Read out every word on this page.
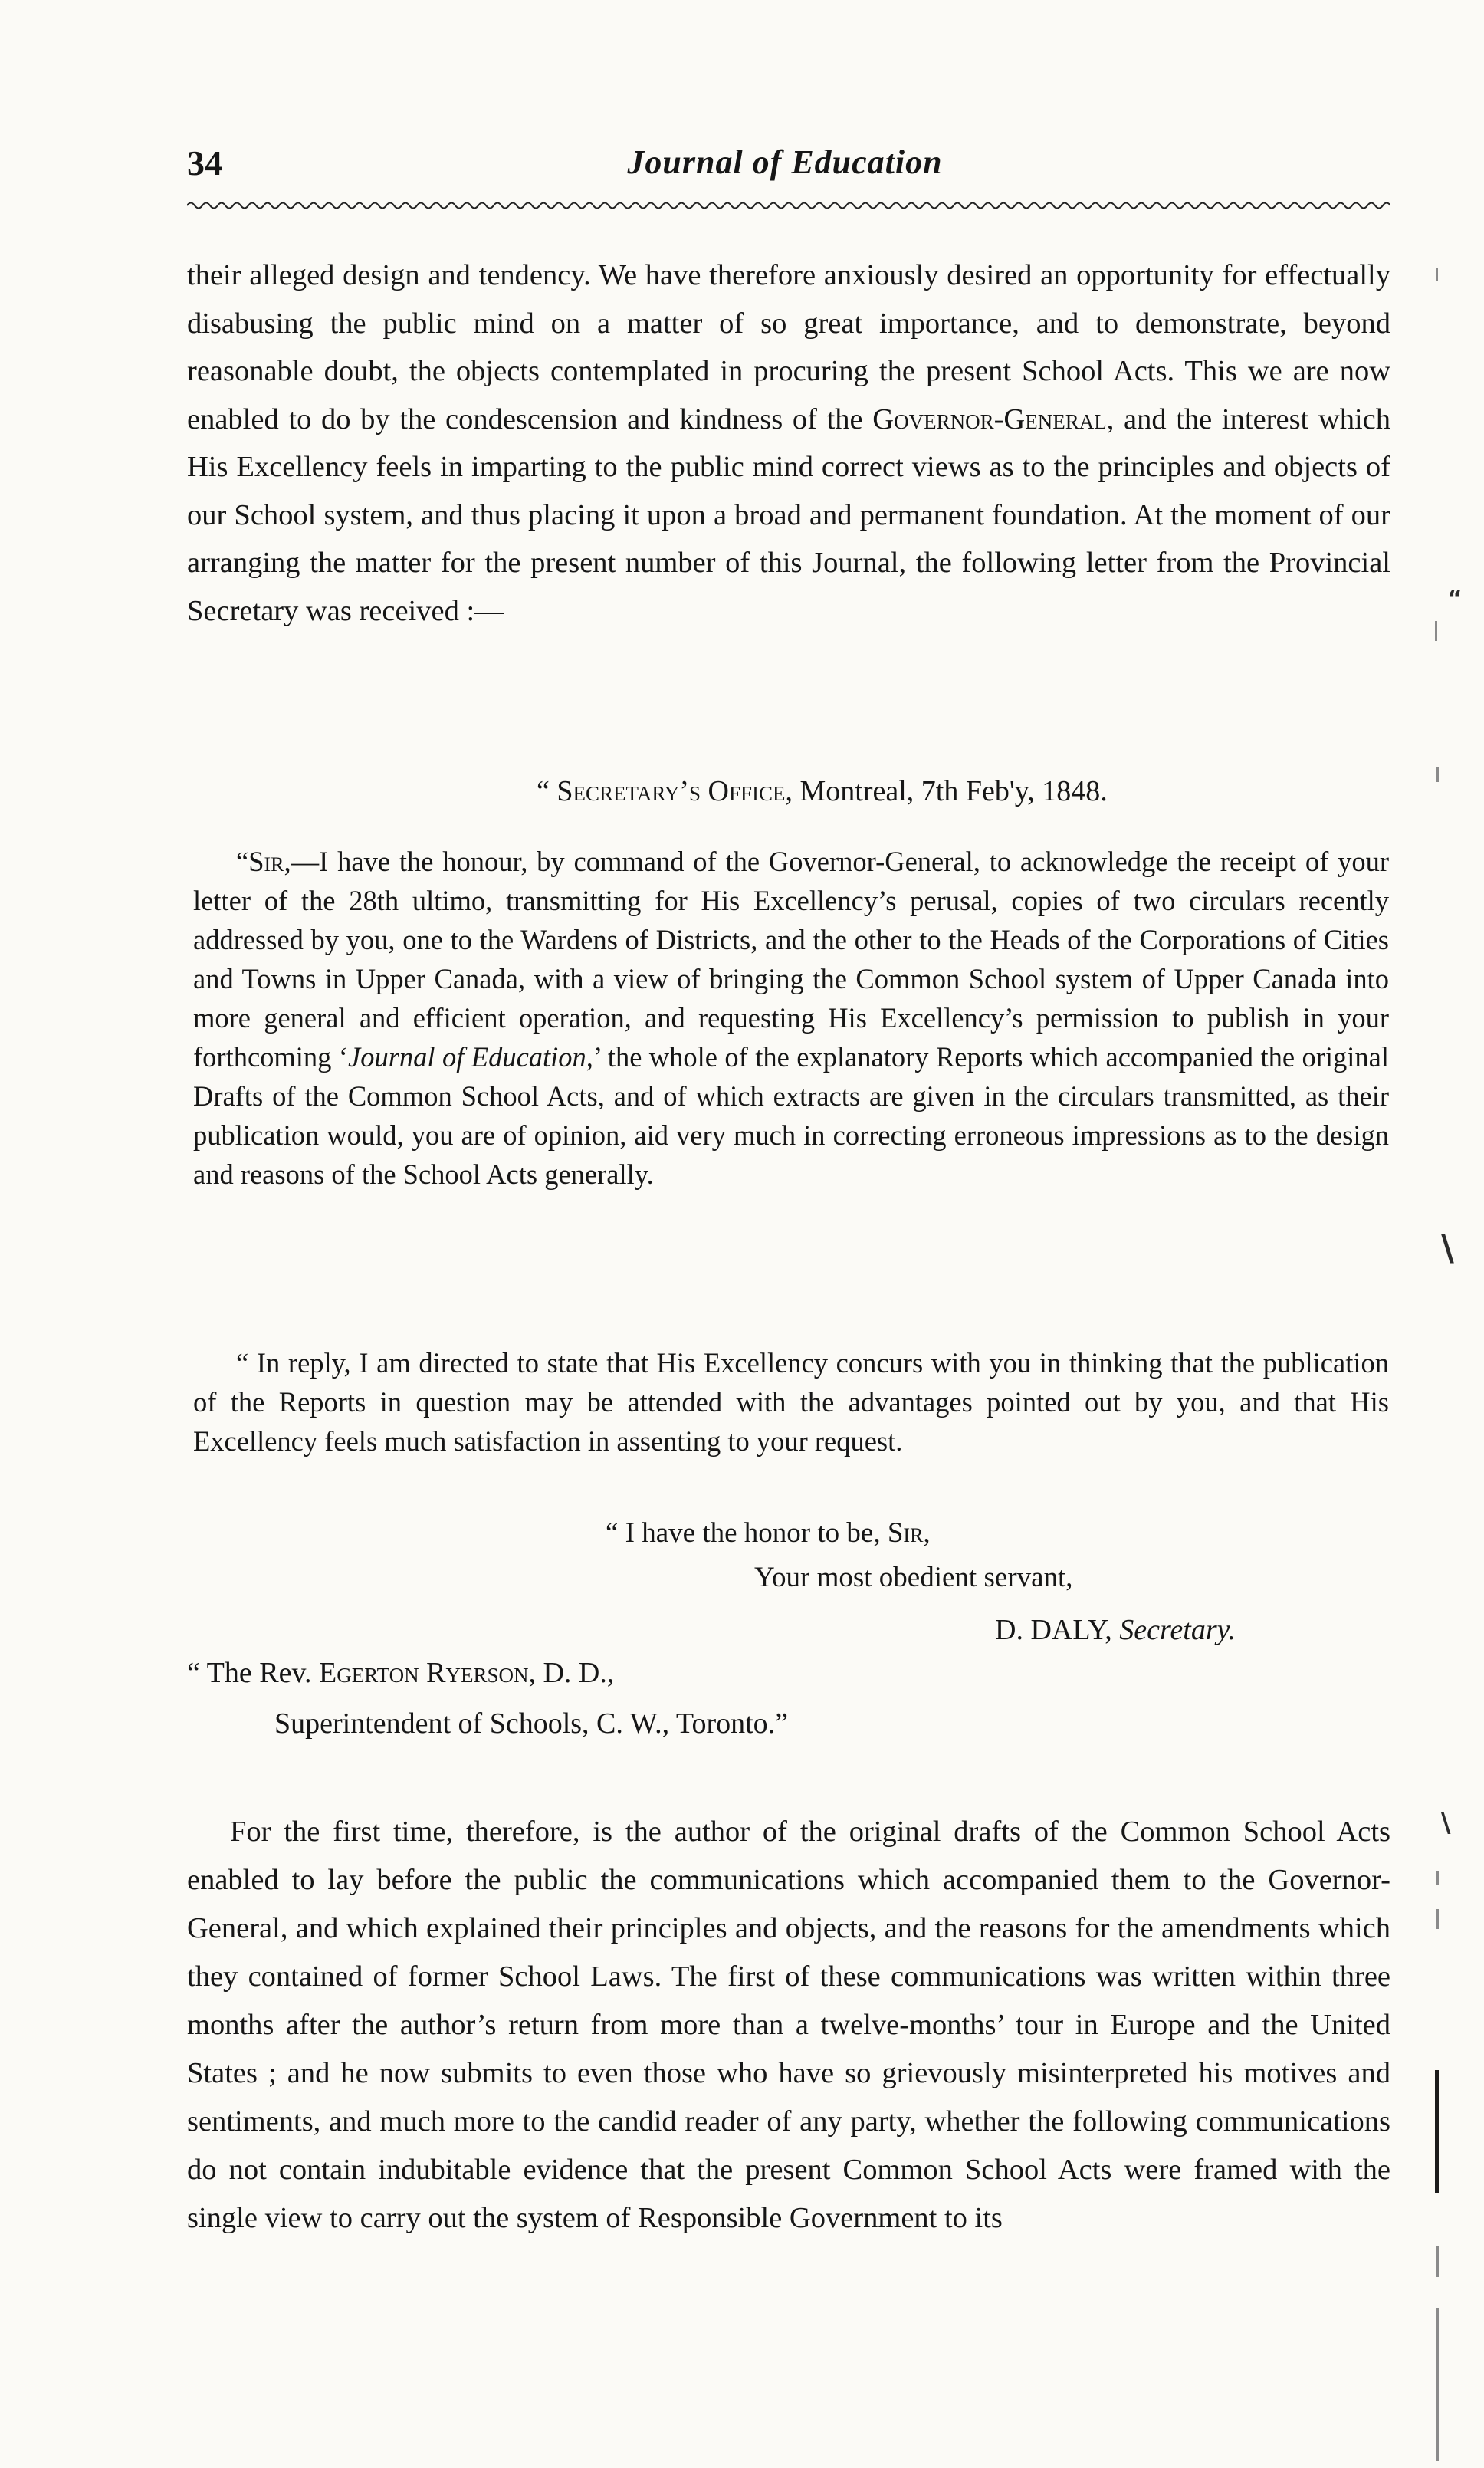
34	Journal of Education

their alleged design and tendency. We have therefore anxiously desired an opportunity for effectually disabusing the public mind on a matter of so great importance, and to demonstrate, beyond reasonable doubt, the objects contemplated in procuring the present School Acts. This we are now enabled to do by the condescension and kindness of the Governor-General, and the interest which His Excellency feels in imparting to the public mind correct views as to the principles and objects of our School system, and thus placing it upon a broad and permanent foundation. At the moment of our arranging the matter for the present number of this Journal, the following letter from the Provincial Secretary was received :—

“ Secretary’s Office, Montreal, 7th Feb'y, 1848.

“Sir,—I have the honour, by command of the Governor-General, to acknowledge the receipt of your letter of the 28th ultimo, transmitting for His Excellency’s perusal, copies of two circulars recently addressed by you, one to the Wardens of Districts, and the other to the Heads of the Corporations of Cities and Towns in Upper Canada, with a view of bringing the Common School system of Upper Canada into more general and efficient operation, and requesting His Excellency’s permission to publish in your forthcoming ‘Journal of Education,’ the whole of the explanatory Reports which accompanied the original Drafts of the Common School Acts, and of which extracts are given in the circulars transmitted, as their publication would, you are of opinion, aid very much in correcting erroneous impressions as to the design and reasons of the School Acts generally.

“ In reply, I am directed to state that His Excellency concurs with you in thinking that the publication of the Reports in question may be attended with the advantages pointed out by you, and that His Excellency feels much satisfaction in assenting to your request.

“ I have the honor to be, Sir,
Your most obedient servant,
D. DALY, Secretary.
“ The Rev. Egerton Ryerson, D. D.,
Superintendent of Schools, C. W., Toronto.”

For the first time, therefore, is the author of the original drafts of the Common School Acts enabled to lay before the public the communications which accompanied them to the Governor-General, and which explained their principles and objects, and the reasons for the amendments which they contained of former School Laws. The first of these communications was written within three months after the author’s return from more than a twelve-months’ tour in Europe and the United States ; and he now submits to even those who have so grievously misinterpreted his motives and sentiments, and much more to the candid reader of any party, whether the following communications do not contain indubitable evidence that the present Common School Acts were framed with the single view to carry out the system of Responsible Government to its

“
\
\
